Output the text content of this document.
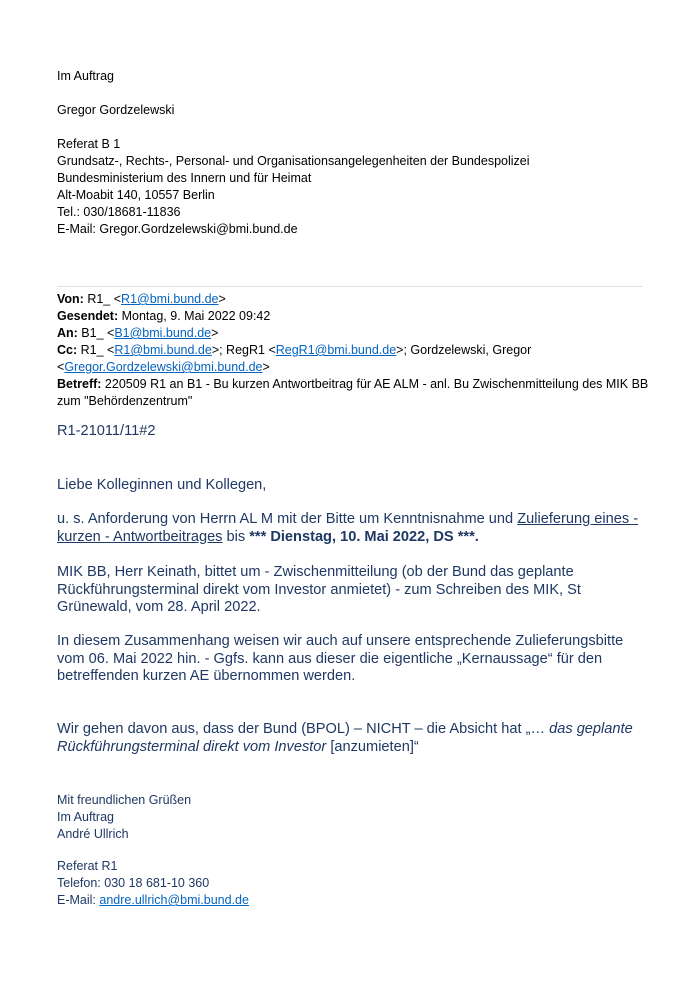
Im Auftrag
Gregor Gordzelewski
Referat B 1
Grundsatz-, Rechts-, Personal- und Organisationsangelegenheiten der Bundespolizei
Bundesministerium des Innern und für Heimat
Alt-Moabit 140, 10557 Berlin
Tel.: 030/18681-11836
E-Mail: Gregor.Gordzelewski@bmi.bund.de
Von: R1_ <R1@bmi.bund.de>
Gesendet: Montag, 9. Mai 2022 09:42
An: B1_ <B1@bmi.bund.de>
Cc: R1_ <R1@bmi.bund.de>; RegR1 <RegR1@bmi.bund.de>; Gordzelewski, Gregor
<Gregor.Gordzelewski@bmi.bund.de>
Betreff: 220509 R1 an B1 - Bu kurzen Antwortbeitrag für AE ALM - anl. Bu Zwischenmitteilung des MIK BB
zum "Behördenzentrum"
R1-21011/11#2
Liebe Kolleginnen und Kollegen,
u. s. Anforderung von Herrn AL M mit der Bitte um Kenntnisnahme und Zulieferung eines -
kurzen - Antwortbeitrages bis *** Dienstag, 10. Mai 2022, DS ***.
MIK BB, Herr Keinath, bittet um - Zwischenmitteilung (ob der Bund das geplante
Rückführungsterminal direkt vom Investor anmietet) - zum Schreiben des MIK, St
Grünewald, vom 28. April 2022.
In diesem Zusammenhang weisen wir auch auf unsere entsprechende Zulieferungsbitte
vom 06. Mai 2022 hin. - Ggfs. kann aus dieser die eigentliche „Kernaussage“ für den
betreffenden kurzen AE übernommen werden.
Wir gehen davon aus, dass der Bund (BPOL) – NICHT – die Absicht hat „… das geplante
Rückführungsterminal direkt vom Investor [anzumieten]“
Mit freundlichen Grüßen
Im Auftrag
André Ullrich
Referat R1
Telefon: 030 18 681-10 360
E-Mail: andre.ullrich@bmi.bund.de
